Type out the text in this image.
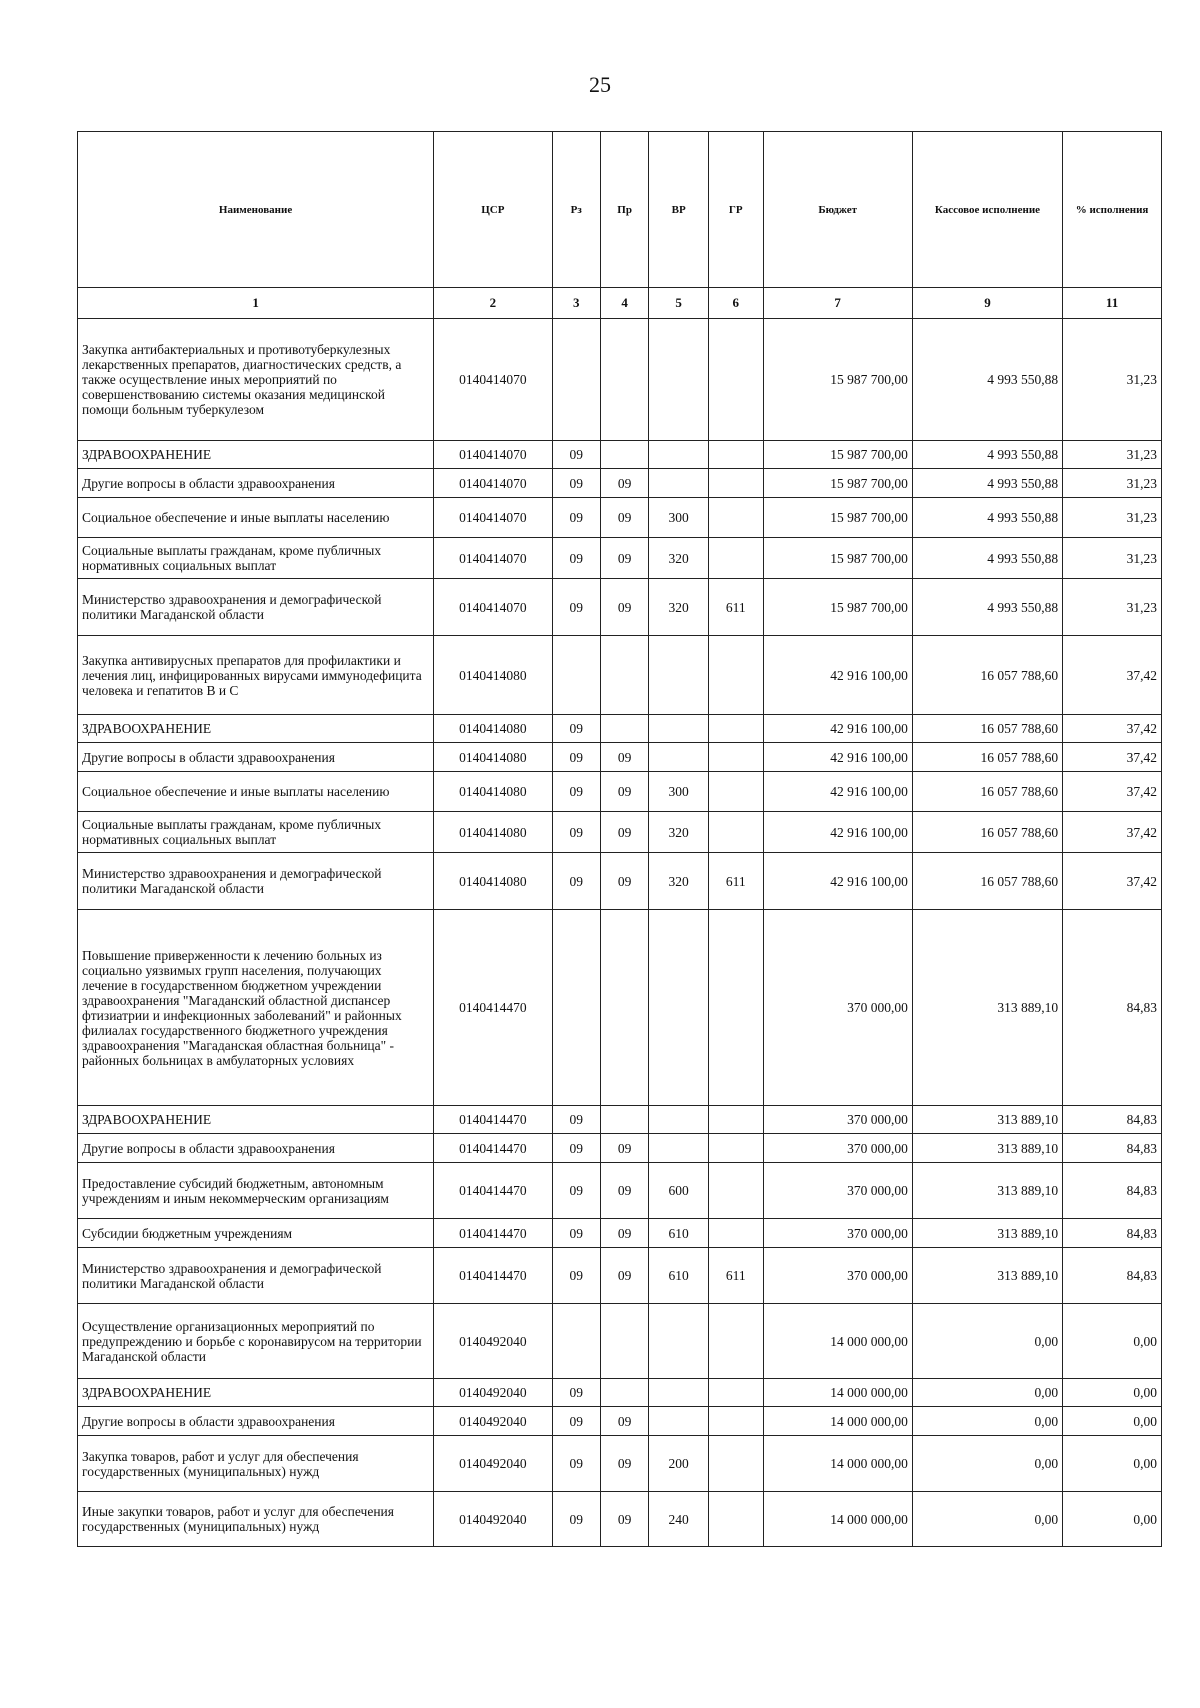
25
Наименование	ЦСР	Рз	Пр	ВР	ГР	Бюджет	Кассовое исполнение	% исполнения
1	2	3	4	5	6	7	9	11
Закупка антибактериальных и противотуберкулезных лекарственных препаратов, диагностических средств, а также осуществление иных мероприятий по совершенствованию системы оказания медицинской помощи больным туберкулезом	0140414070					15 987 700,00	4 993 550,88	31,23
ЗДРАВООХРАНЕНИЕ	0140414070	09				15 987 700,00	4 993 550,88	31,23
Другие вопросы в области здравоохранения	0140414070	09	09			15 987 700,00	4 993 550,88	31,23
Социальное обеспечение и иные выплаты населению	0140414070	09	09	300		15 987 700,00	4 993 550,88	31,23
Социальные выплаты гражданам, кроме публичных нормативных социальных выплат	0140414070	09	09	320		15 987 700,00	4 993 550,88	31,23
Министерство здравоохранения и демографической политики Магаданской области	0140414070	09	09	320	611	15 987 700,00	4 993 550,88	31,23
Закупка антивирусных препаратов для профилактики и лечения лиц, инфицированных вирусами иммунодефицита человека и гепатитов В и С	0140414080					42 916 100,00	16 057 788,60	37,42
ЗДРАВООХРАНЕНИЕ	0140414080	09				42 916 100,00	16 057 788,60	37,42
Другие вопросы в области здравоохранения	0140414080	09	09			42 916 100,00	16 057 788,60	37,42
Социальное обеспечение и иные выплаты населению	0140414080	09	09	300		42 916 100,00	16 057 788,60	37,42
Социальные выплаты гражданам, кроме публичных нормативных социальных выплат	0140414080	09	09	320		42 916 100,00	16 057 788,60	37,42
Министерство здравоохранения и демографической политики Магаданской области	0140414080	09	09	320	611	42 916 100,00	16 057 788,60	37,42
Повышение приверженности к лечению больных из социально уязвимых групп населения, получающих лечение в государственном бюджетном учреждении здравоохранения "Магаданский областной диспансер фтизиатрии и инфекционных заболеваний" и районных филиалах государственного бюджетного учреждения здравоохранения "Магаданская областная больница" - районных больницах в амбулаторных условиях	0140414470					370 000,00	313 889,10	84,83
ЗДРАВООХРАНЕНИЕ	0140414470	09				370 000,00	313 889,10	84,83
Другие вопросы в области здравоохранения	0140414470	09	09			370 000,00	313 889,10	84,83
Предоставление субсидий бюджетным, автономным учреждениям и иным некоммерческим организациям	0140414470	09	09	600		370 000,00	313 889,10	84,83
Субсидии бюджетным учреждениям	0140414470	09	09	610		370 000,00	313 889,10	84,83
Министерство здравоохранения и демографической политики Магаданской области	0140414470	09	09	610	611	370 000,00	313 889,10	84,83
Осуществление организационных мероприятий по предупреждению и борьбе с коронавирусом на территории Магаданской области	0140492040					14 000 000,00	0,00	0,00
ЗДРАВООХРАНЕНИЕ	0140492040	09				14 000 000,00	0,00	0,00
Другие вопросы в области здравоохранения	0140492040	09	09			14 000 000,00	0,00	0,00
Закупка товаров, работ и услуг для обеспечения государственных (муниципальных) нужд	0140492040	09	09	200		14 000 000,00	0,00	0,00
Иные закупки товаров, работ и услуг для обеспечения государственных (муниципальных) нужд	0140492040	09	09	240		14 000 000,00	0,00	0,00
